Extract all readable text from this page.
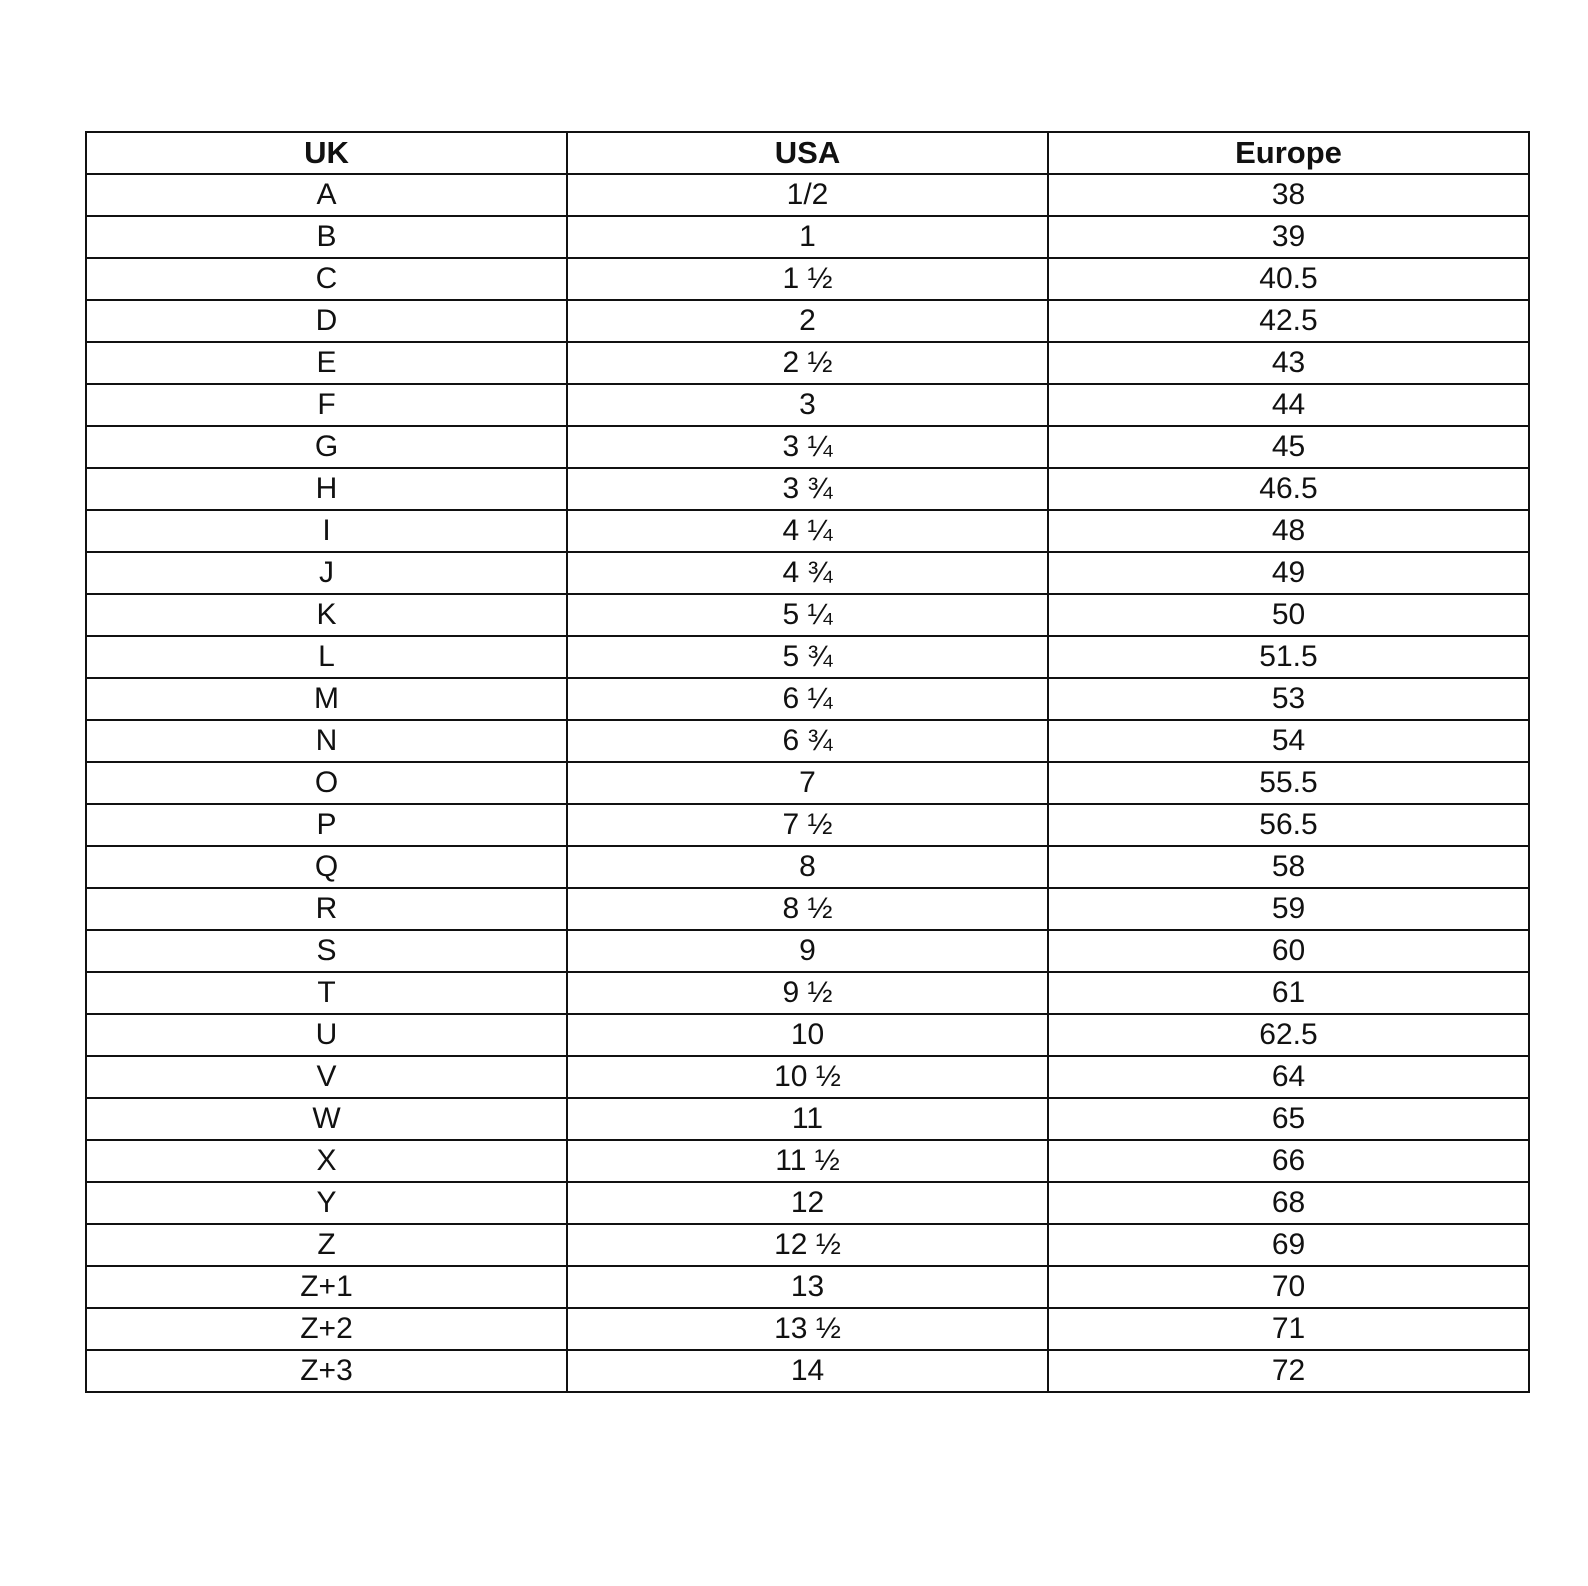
UK	USA	Europe
A	1/2	38
B	1	39
C	1 ½	40.5
D	2	42.5
E	2 ½	43
F	3	44
G	3 ¼	45
H	3 ¾	46.5
I	4 ¼	48
J	4 ¾	49
K	5 ¼	50
L	5 ¾	51.5
M	6 ¼	53
N	6 ¾	54
O	7	55.5
P	7 ½	56.5
Q	8	58
R	8 ½	59
S	9	60
T	9 ½	61
U	10	62.5
V	10 ½	64
W	11	65
X	11 ½	66
Y	12	68
Z	12 ½	69
Z+1	13	70
Z+2	13 ½	71
Z+3	14	72
